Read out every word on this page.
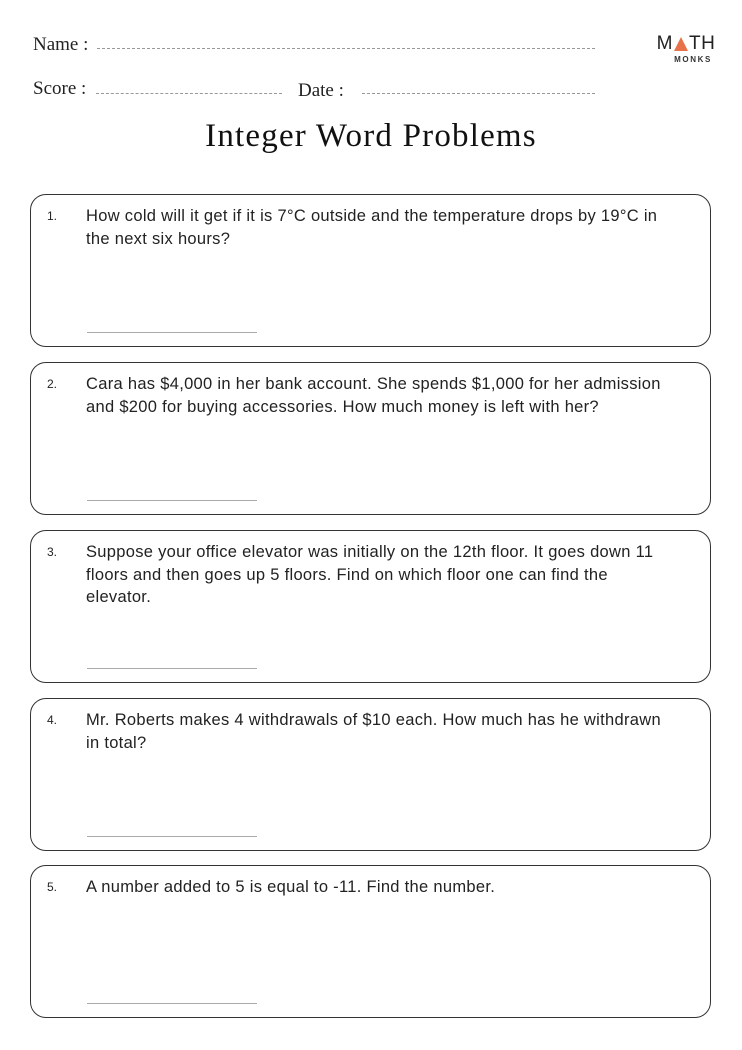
Name :
Score :	Date :
M TH
MONKS
Integer Word Problems
1. How cold will it get if it is 7°C outside and the temperature drops by 19°C in the next six hours?
2. Cara has $4,000 in her bank account. She spends $1,000 for her admission and $200 for buying accessories. How much money is left with her?
3. Suppose your office elevator was initially on the 12th floor. It goes down 11 floors and then goes up 5 floors. Find on which floor one can find the elevator.
4. Mr. Roberts makes 4 withdrawals of $10 each. How much has he withdrawn in total?
5. A number added to 5 is equal to -11. Find the number.
